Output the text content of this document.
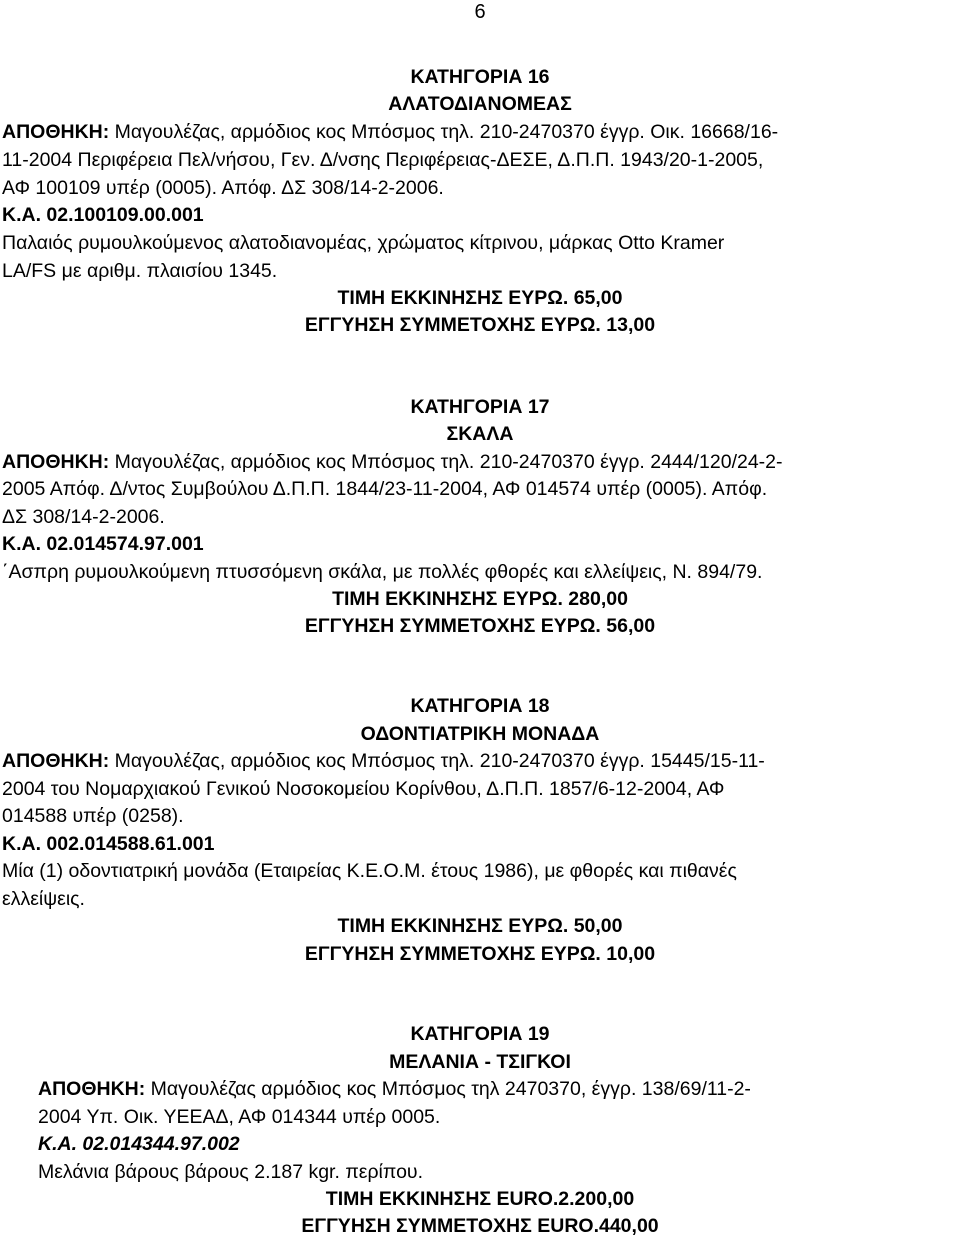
6
ΚΑΤΗΓΟΡΙΑ 16
ΑΛΑΤΟΔΙΑΝΟΜΕΑΣ
ΑΠΟΘΗΚΗ: Μαγουλέζας, αρμόδιος κος Μπόσμος τηλ. 210-2470370 έγγρ. Οικ. 16668/16-
11-2004 Περιφέρεια Πελ/νήσου, Γεν. Δ/νσης Περιφέρειας-ΔΕΣΕ, Δ.Π.Π. 1943/20-1-2005,
ΑΦ 100109 υπέρ (0005). Απόφ. ΔΣ 308/14-2-2006.
Κ.Α. 02.100109.00.001
Παλαιός ρυμουλκούμενος αλατοδιανομέας, χρώματος κίτρινου, μάρκας Otto Kramer
LA/FS με αριθμ. πλαισίου 1345.
ΤΙΜΗ ΕΚΚΙΝΗΣΗΣ ΕΥΡΩ. 65,00
ΕΓΓΥΗΣΗ ΣΥΜΜΕΤΟΧΗΣ ΕΥΡΩ. 13,00
ΚΑΤΗΓΟΡΙΑ 17
ΣΚΑΛΑ
ΑΠΟΘΗΚΗ: Μαγουλέζας, αρμόδιος κος Μπόσμος τηλ. 210-2470370 έγγρ. 2444/120/24-2-
2005 Απόφ. Δ/ντος Συμβούλου Δ.Π.Π. 1844/23-11-2004, ΑΦ 014574 υπέρ (0005). Απόφ.
ΔΣ 308/14-2-2006.
Κ.Α. 02.014574.97.001
΄Ασπρη ρυμουλκούμενη πτυσσόμενη σκάλα, με πολλές φθορές και ελλείψεις, Ν. 894/79.
ΤΙΜΗ ΕΚΚΙΝΗΣΗΣ ΕΥΡΩ. 280,00
ΕΓΓΥΗΣΗ ΣΥΜΜΕΤΟΧΗΣ ΕΥΡΩ. 56,00
ΚΑΤΗΓΟΡΙΑ 18
ΟΔΟΝΤΙΑΤΡΙΚΗ ΜΟΝΑΔΑ
ΑΠΟΘΗΚΗ: Μαγουλέζας, αρμόδιος κος Μπόσμος τηλ. 210-2470370 έγγρ. 15445/15-11-
2004 του Νομαρχιακού Γενικού Νοσοκομείου Κορίνθου, Δ.Π.Π. 1857/6-12-2004, ΑΦ
014588 υπέρ (0258).
Κ.Α. 002.014588.61.001
Μία (1) οδοντιατρική μονάδα (Εταιρείας Κ.Ε.Ο.Μ. έτους 1986), με φθορές και πιθανές
ελλείψεις.
ΤΙΜΗ ΕΚΚΙΝΗΣΗΣ ΕΥΡΩ. 50,00
ΕΓΓΥΗΣΗ ΣΥΜΜΕΤΟΧΗΣ ΕΥΡΩ. 10,00
ΚΑΤΗΓΟΡΙΑ 19
ΜΕΛΑΝΙΑ - ΤΣΙΓΚΟΙ
ΑΠΟΘΗΚΗ: Μαγουλέζας αρμόδιος κος Μπόσμος τηλ 2470370, έγγρ. 138/69/11-2-
2004 Υπ. Οικ. ΥΕΕΑΔ, ΑΦ 014344 υπέρ 0005.
Κ.Α. 02.014344.97.002
Μελάνια βάρους βάρους 2.187 kgr. περίπου.
ΤΙΜΗ ΕΚΚΙΝΗΣΗΣ EURO.2.200,00
ΕΓΓΥΗΣΗ ΣΥΜΜΕΤΟΧΗΣ EURO.440,00
